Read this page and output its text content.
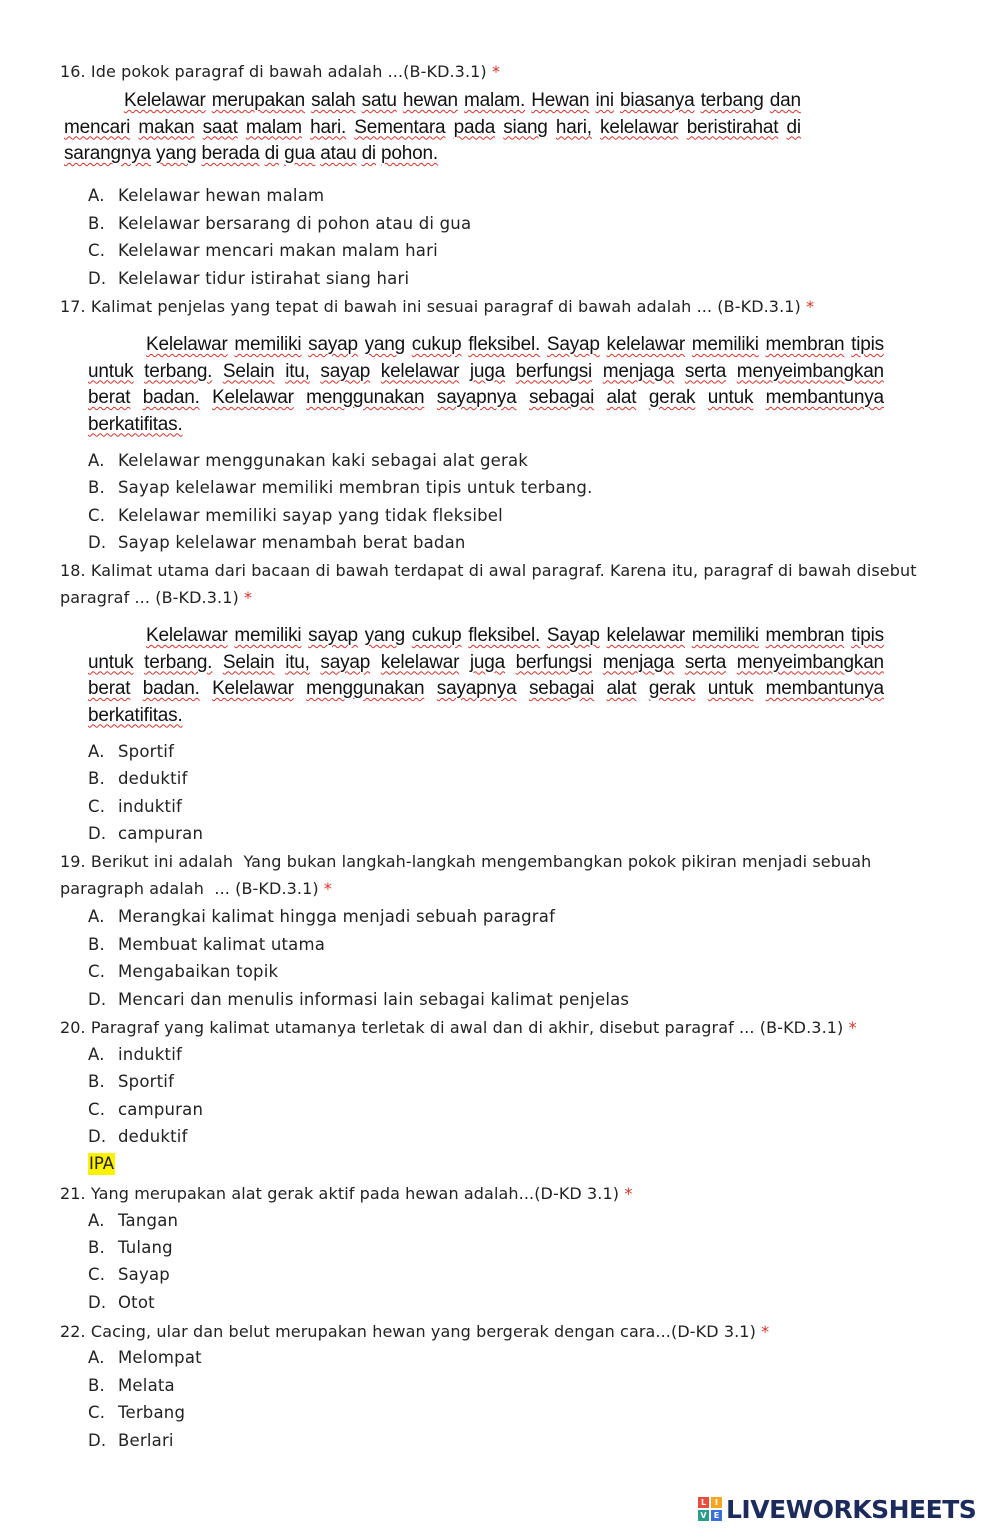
16. Ide pokok paragraf di bawah adalah ...(B-KD.3.1) *
Kelelawar merupakan salah satu hewan malam. Hewan ini biasanya terbang dan
mencari makan saat malam hari. Sementara pada siang hari, kelelawar beristirahat di
sarangnya yang berada di gua atau di pohon.
A. Kelelawar hewan malam
B. Kelelawar bersarang di pohon atau di gua
C. Kelelawar mencari makan malam hari
D. Kelelawar tidur istirahat siang hari
17. Kalimat penjelas yang tepat di bawah ini sesuai paragraf di bawah adalah ... (B-KD.3.1) *
Kelelawar memiliki sayap yang cukup fleksibel. Sayap kelelawar memiliki membran tipis
untuk terbang. Selain itu, sayap kelelawar juga berfungsi menjaga serta menyeimbangkan
berat badan. Kelelawar menggunakan sayapnya sebagai alat gerak untuk membantunya
berkatifitas.
A. Kelelawar menggunakan kaki sebagai alat gerak
B. Sayap kelelawar memiliki membran tipis untuk terbang.
C. Kelelawar memiliki sayap yang tidak fleksibel
D. Sayap kelelawar menambah berat badan
18. Kalimat utama dari bacaan di bawah terdapat di awal paragraf. Karena itu, paragraf di bawah disebut
paragraf ... (B-KD.3.1) *
Kelelawar memiliki sayap yang cukup fleksibel. Sayap kelelawar memiliki membran tipis
untuk terbang. Selain itu, sayap kelelawar juga berfungsi menjaga serta menyeimbangkan
berat badan. Kelelawar menggunakan sayapnya sebagai alat gerak untuk membantunya
berkatifitas.
A. Sportif
B. deduktif
C. induktif
D. campuran
19. Berikut ini adalah  Yang bukan langkah-langkah mengembangkan pokok pikiran menjadi sebuah
paragraph adalah  ... (B-KD.3.1) *
A. Merangkai kalimat hingga menjadi sebuah paragraf
B. Membuat kalimat utama
C. Mengabaikan topik
D. Mencari dan menulis informasi lain sebagai kalimat penjelas
20. Paragraf yang kalimat utamanya terletak di awal dan di akhir, disebut paragraf ... (B-KD.3.1) *
A. induktif
B. Sportif
C. campuran
D. deduktif
IPA
21. Yang merupakan alat gerak aktif pada hewan adalah...(D-KD 3.1) *
A. Tangan
B. Tulang
C. Sayap
D. Otot
22. Cacing, ular dan belut merupakan hewan yang bergerak dengan cara...(D-KD 3.1) *
A. Melompat
B. Melata
C. Terbang
D. Berlari
L	I
V E LIVEWORKSHEETS
